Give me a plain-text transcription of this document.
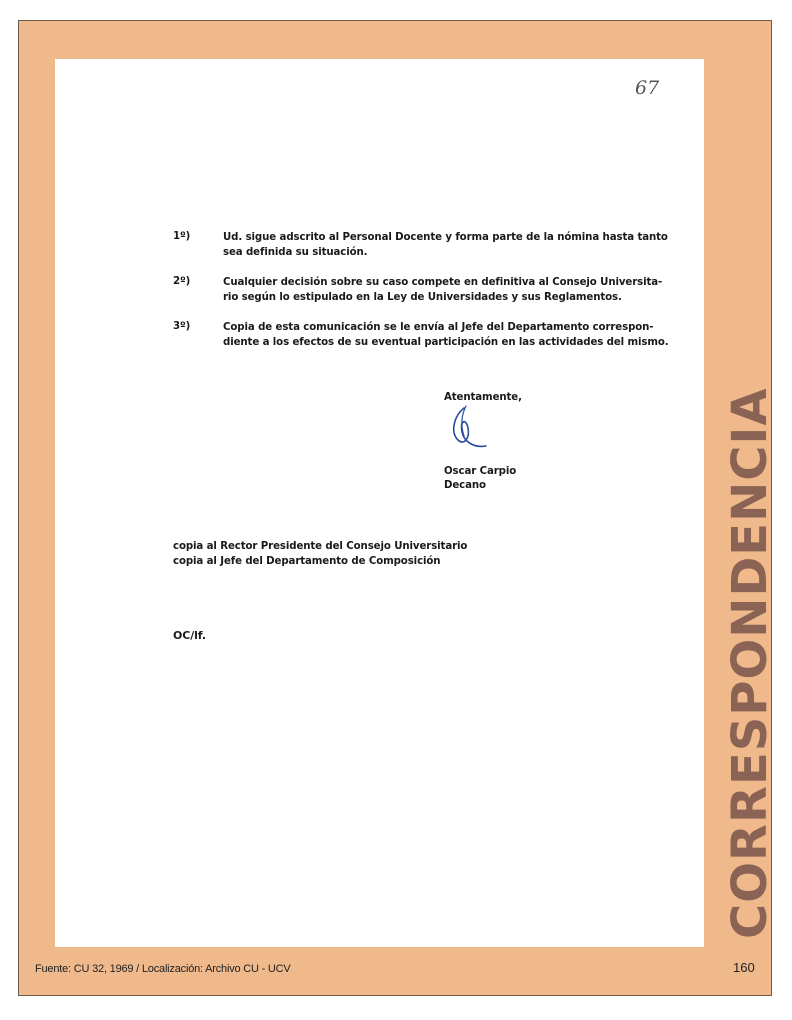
67
1º)	Ud. sigue adscrito al Personal Docente y forma parte de la nómina hasta tanto
sea definida su situación.
2º)	Cualquier decisión sobre su caso compete en definitiva al Consejo Universita-
rio según lo estipulado en la Ley de Universidades y sus Reglamentos.
3º)	Copia de esta comunicación se le envía al Jefe del Departamento correspon-
diente a los efectos de su eventual participación en las actividades del mismo.
Atentamente,
Oscar Carpio
Decano
copia al Rector Presidente del Consejo Universitario
copia al Jefe del Departamento de Composición
OC/lf.	CORRESPONDENCIA
Fuente: CU 32, 1969 / Localización: Archivo CU - UCV	160
